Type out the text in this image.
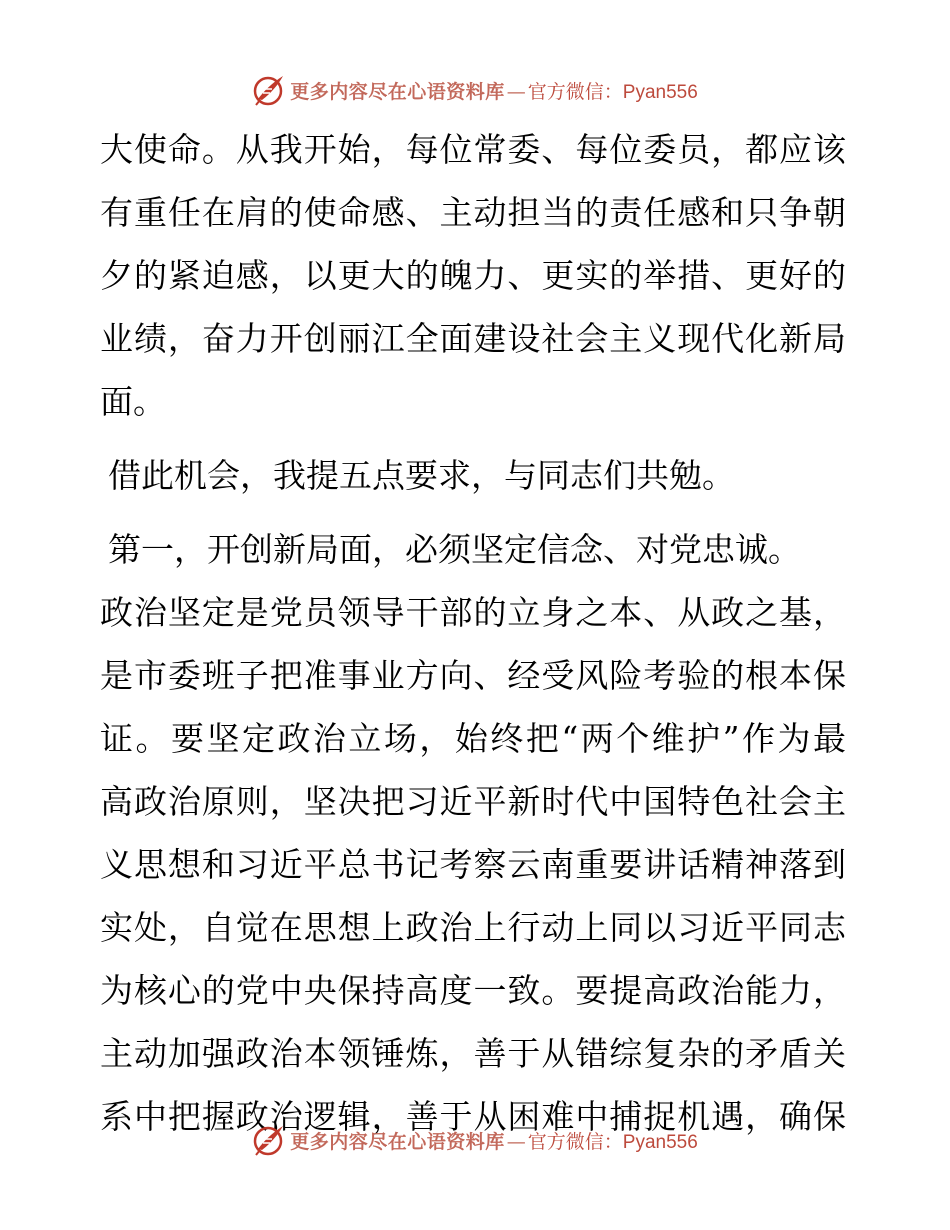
更多内容尽在心语资料库 — 官方微信 ： Pyan556
大使命。从我开始，每位常委、每位委员，都应该
有重任在肩的使命感、主动担当的责任感和只争朝
夕的紧迫感，以更大的魄力、更实的举措、更好的
业绩，奋力开创丽江全面建设社会主义现代化新局
面。
借此机会，我提五点要求，与同志们共勉。
第一，开创新局面，必须坚定信念、对党忠诚。
政治坚定是党员领导干部的立身之本、从政之基，
是市委班子把准事业方向、经受风险考验的根本保
证。要坚定政治立场，始终把“两个维护”作为最
高政治原则，坚决把习近平新时代中国特色社会主
义思想和习近平总书记考察云南重要讲话精神落到
实处，自觉在思想上政治上行动上同以习近平同志
为核心的党中央保持高度一致。要提高政治能力，
主动加强政治本领锤炼，善于从错综复杂的矛盾关
系中把握政治逻辑，善于从困难中捕捉机遇，确保
更多内容尽在心语资料库 — 官方微信 ： Pyan556
